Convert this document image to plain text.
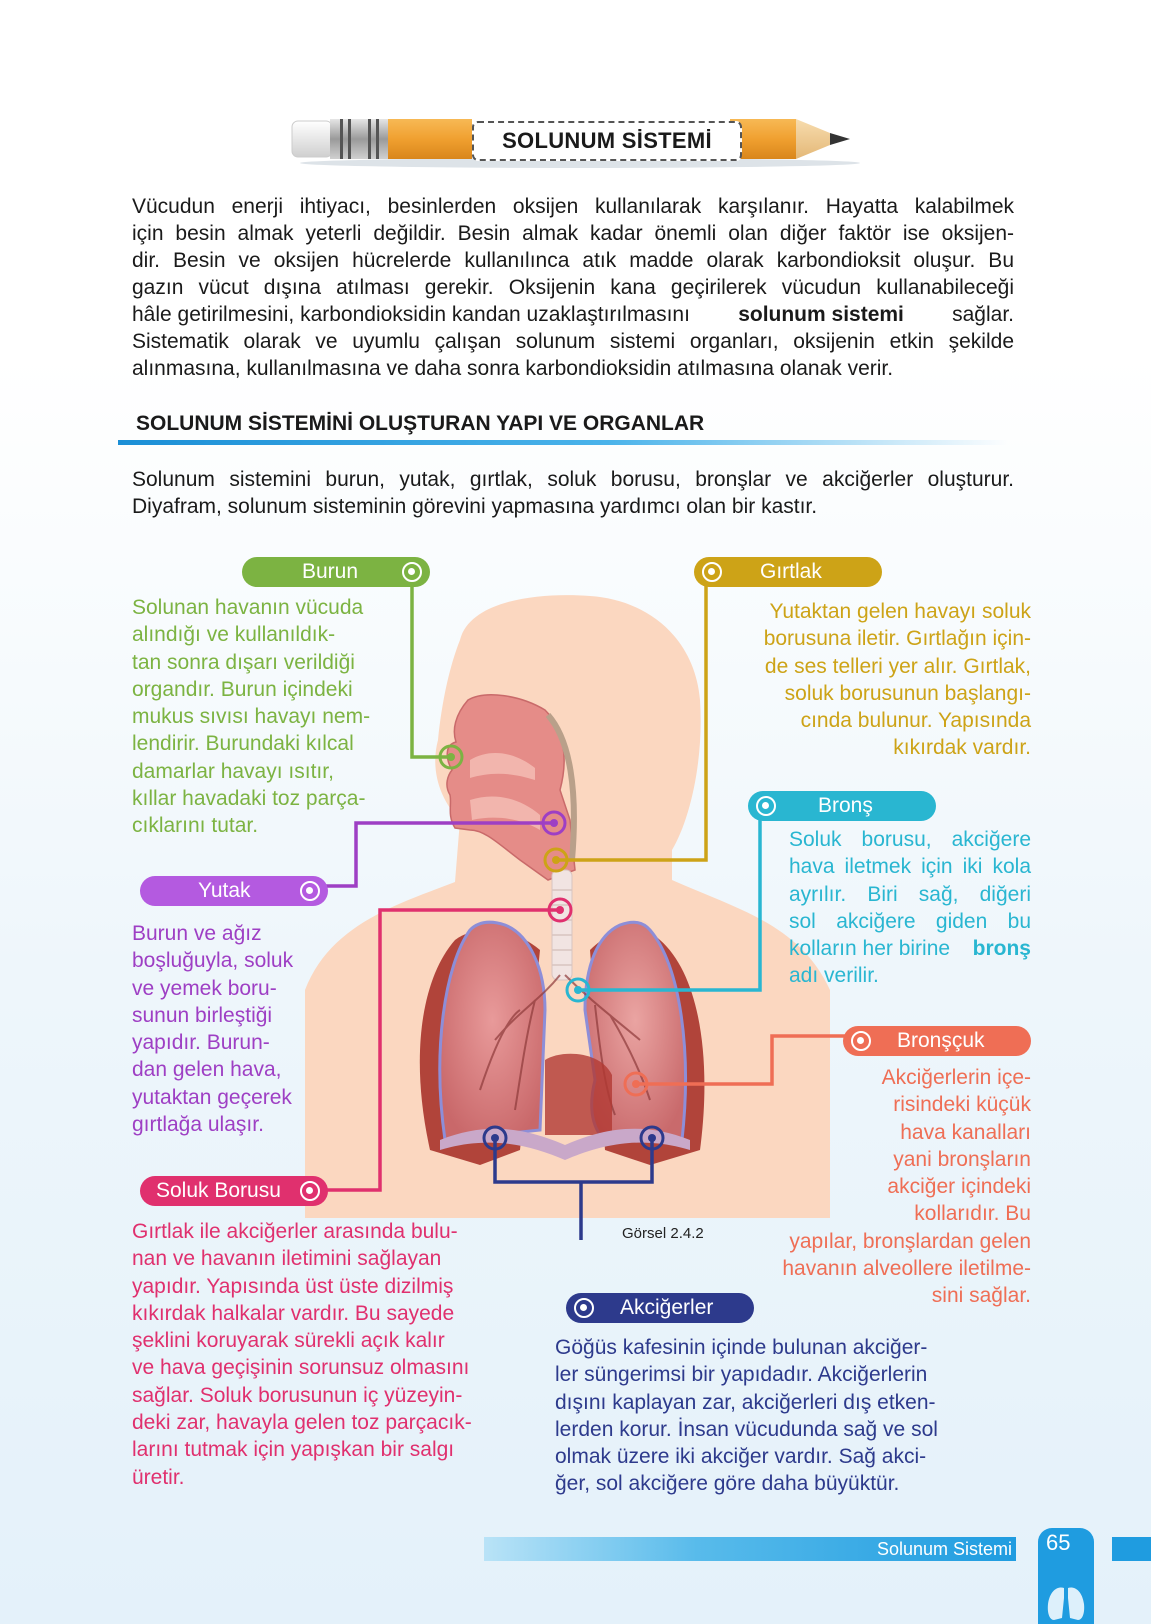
SOLUNUM SİSTEMİ
Vücudun enerji ihtiyacı, besinlerden oksijen kullanılarak karşılanır. Hayatta kalabilmek
için besin almak yeterli değildir. Besin almak kadar önemli olan diğer faktör ise oksijen-
dir. Besin ve oksijen hücrelerde kullanılınca atık madde olarak karbondioksit oluşur. Bu
gazın vücut dışına atılması gerekir. Oksijenin kana geçirilerek vücudun kullanabileceği
hâle getirilmesini, karbondioksidin kandan uzaklaştırılmasını solunum sistemi sağlar.
Sistematik olarak ve uyumlu çalışan solunum sistemi organları, oksijenin etkin şekilde
alınmasına, kullanılmasına ve daha sonra karbondioksidin atılmasına olanak verir.
SOLUNUM SİSTEMİNİ OLUŞTURAN YAPI VE ORGANLAR
Solunum sistemini burun, yutak, gırtlak, soluk borusu, bronşlar ve akciğerler oluşturur.
Diyafram, solunum sisteminin görevini yapmasına yardımcı olan bir kastır.
Görsel 2.4.2
Burun	Gırtlak
Bronş
Yutak
Bronşçuk
Soluk Borusu
Akciğerler
Solunan havanın vücuda
alındığı ve kullanıldık-
tan sonra dışarı verildiği
organdır. Burun içindeki
mukus sıvısı havayı nem-
lendirir. Burundaki kılcal
damarlar havayı ısıtır,
kıllar havadaki toz parça-
cıklarını tutar.
Yutaktan gelen havayı soluk
borusuna iletir. Gırtlağın için-
de ses telleri yer alır. Gırtlak,
soluk borusunun başlangı-
cında bulunur. Yapısında
kıkırdak vardır.
Soluk borusu, akciğere
hava iletmek için iki kola
ayrılır. Biri sağ, diğeri
sol akciğere giden bu
kolların her birine bronş
adı verilir.
Burun ve ağız
boşluğuyla, soluk
ve yemek boru-
sunun birleştiği
yapıdır. Burun-
dan gelen hava,
yutaktan geçerek
gırtlağa ulaşır.
Akciğerlerin içe-
risindeki küçük
hava kanalları
yani bronşların
akciğer içindeki
kollarıdır. Bu
yapılar, bronşlardan gelen
havanın alveollere iletilme-
sini sağlar.
Gırtlak ile akciğerler arasında bulu-
nan ve havanın iletimini sağlayan
yapıdır. Yapısında üst üste dizilmiş
kıkırdak halkalar vardır. Bu sayede
şeklini koruyarak sürekli açık kalır
ve hava geçişinin sorunsuz olmasını
sağlar. Soluk borusunun iç yüzeyin-
deki zar, havayla gelen toz parçacık-
larını tutmak için yapışkan bir salgı
üretir.
Göğüs kafesinin içinde bulunan akciğer-
ler süngerimsi bir yapıdadır. Akciğerlerin
dışını kaplayan zar, akciğerleri dış etken-
lerden korur. İnsan vücudunda sağ ve sol
olmak üzere iki akciğer vardır. Sağ akci-
ğer, sol akciğere göre daha büyüktür.
Solunum Sistemi 65
